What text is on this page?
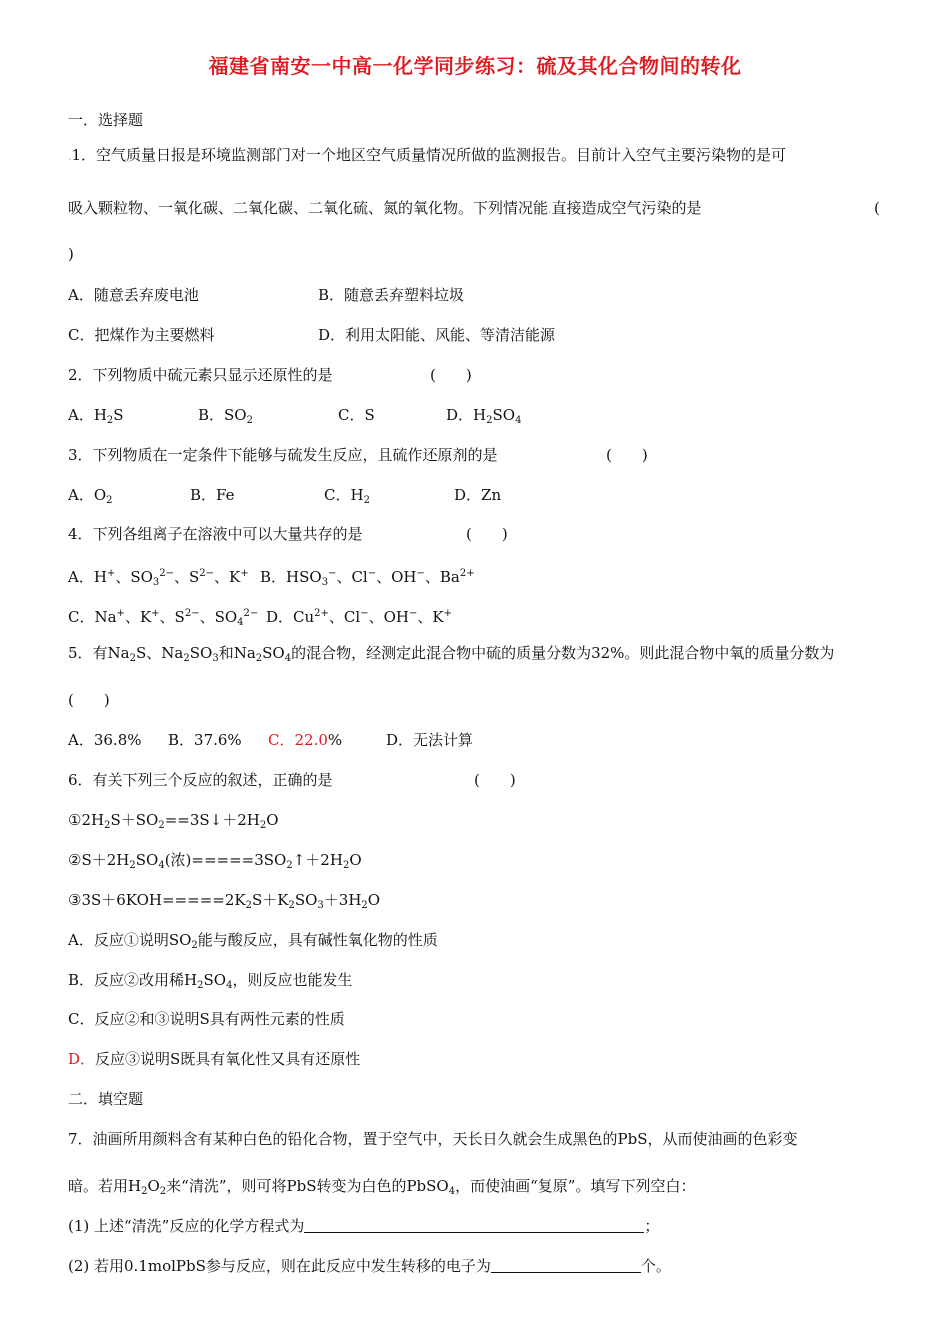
福建省南安一中高一化学同步练习：硫及其化合物间的转化
一．选择题
.1．空气质量日报是环境监测部门对一个地区空气质量情况所做的监测报告。目前计入空气主要污染物的是可
吸入颗粒物、一氧化碳、二氧化碳、二氧化硫、氮的氧化物。下列情况能.直接造成空气污染的是	(
)
A．随意丢弃废电池	B．随意丢弃塑料垃圾
C．把煤作为主要燃料	D．利用太阳能、风能、等清洁能源
2．下列物质中硫元素只显示还原性的是	(　　)
A．$H_2S$	B．$SO_2$	C．S	D．$H_2SO_4$
3．下列物质在一定条件下能够与硫发生反应，且硫作还原剂的是	(　　)
A．$O_2$	B．Fe	C．$H_2$	D．Zn
4．下列各组离子在溶液中可以大量共存的是	(　　)
A．H+、$SO_3^{2-}$、$S^{2-}$、K+ B．$HSO_3^-$、Cl−、OH−、$Ba^{2+}$
C．Na+、K+、$S^{2-}$、$SO_4^{2-}$ D．$Cu^{2+}$、Cl−、OH−、K+
5．有$Na_2S$、$Na_2SO_3$和$Na_2SO_4$的混合物，经测定此混合物中硫的质量分数为32%。则此混合物中氧的质量分数为
(　　)
A．36.8% B．37.6% C．22.0%	D．无法计算
6．有关下列三个反应的叙述，正确的是	(　　)
$①2H_2S+SO_2==3S↓+2H_2O$
$②S+2H_2SO_4$(浓)$=====3SO_2↑+2H_2O$
$③3S+6KOH=====2K_2S+K_2SO_3+3H_2O$
A．反应①说明$SO_2$能与酸反应，具有碱性氧化物的性质
B．反应②改用稀$H_2SO_4$，则反应也能发生
C．反应②和③说明S具有两性元素的性质
D．反应③说明S既具有氧化性又具有还原性
二．填空题
7．油画所用颜料含有某种白色的铅化合物，置于空气中，天长日久就会生成黑色的PbS，从而使油画的色彩变
暗。若用$H_2O_2$来“清洗”，则可将PbS转变为白色的PbSO$_4$，而使油画“复原”。填写下列空白：
(1) 上述“清洗”反应的化学方程式为	；
(2) 若用0.1molPbS参与反应，则在此反应中发生转移的电子为	个。
